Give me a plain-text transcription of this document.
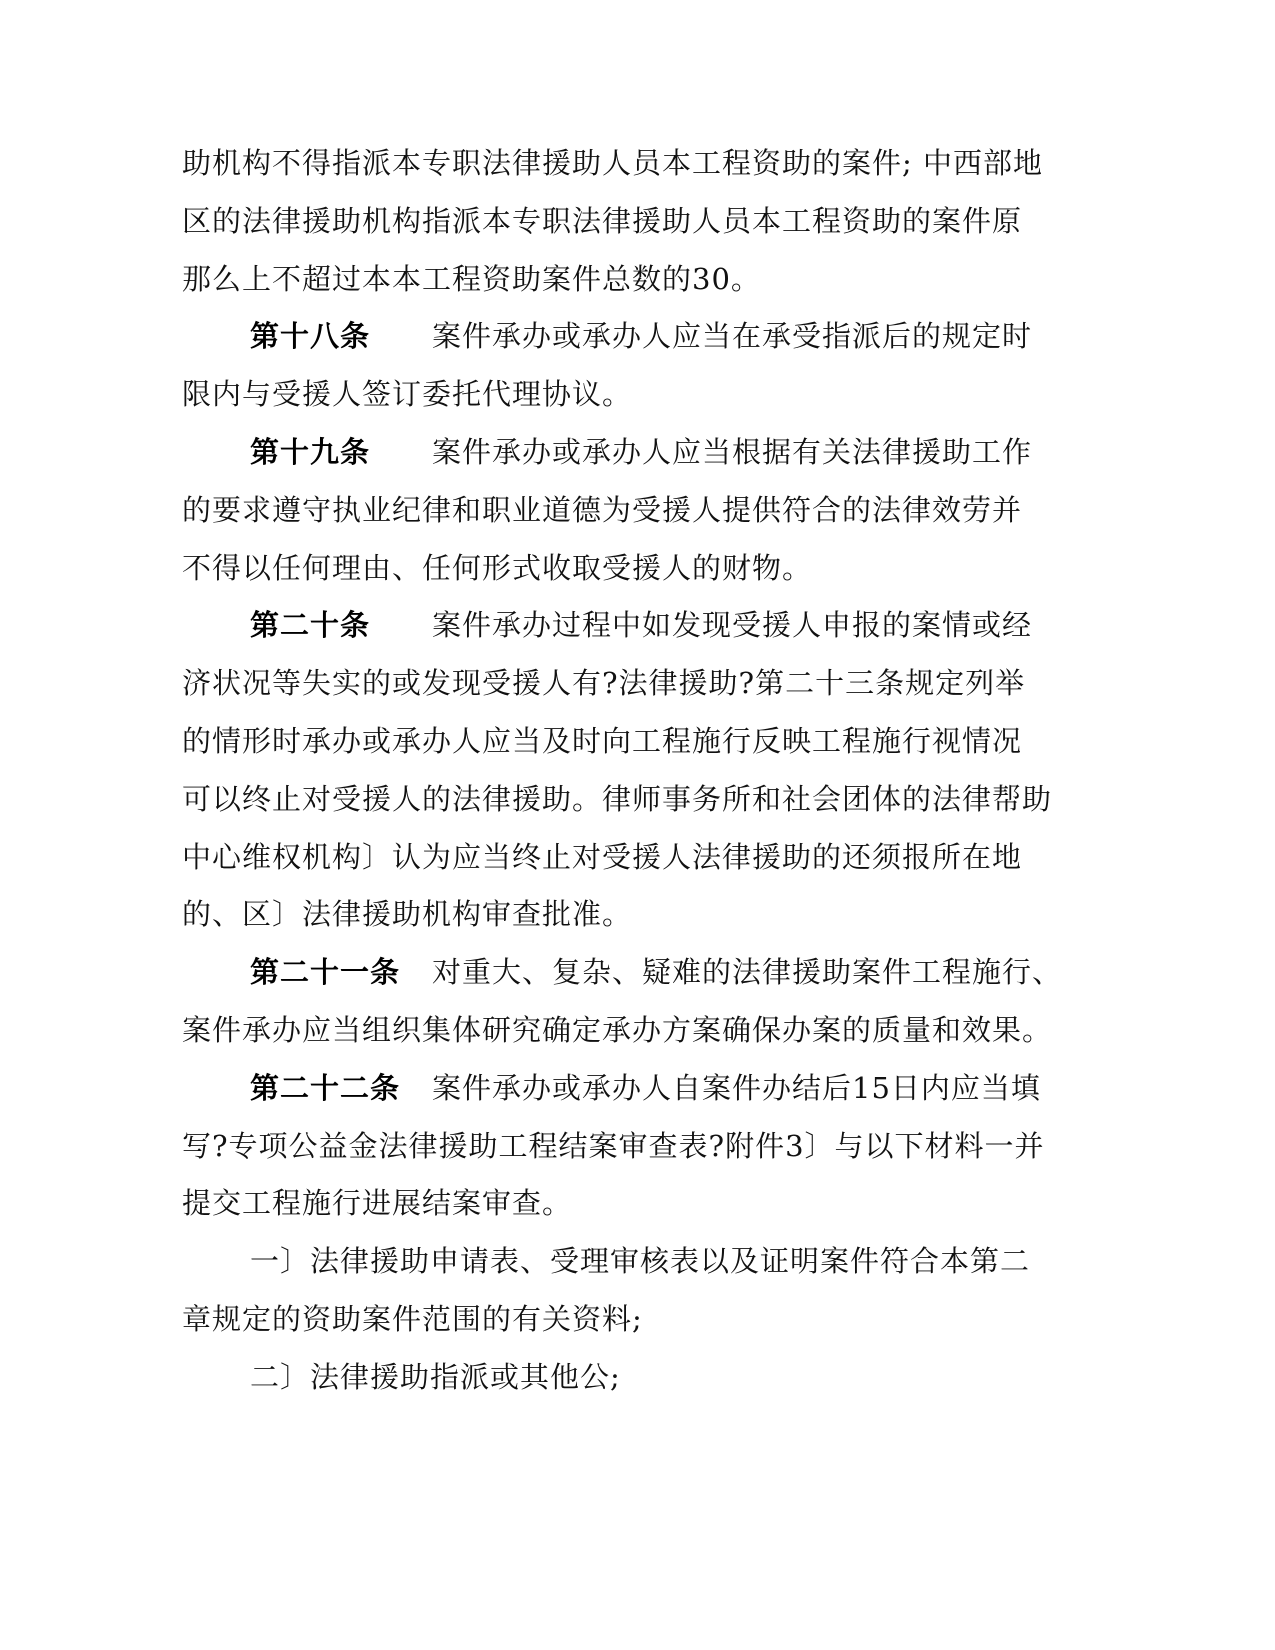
助机构不得指派本专职法律援助人员本工程资助的案件; 中西部地
区的法律援助机构指派本专职法律援助人员本工程资助的案件原
那么上不超过本本工程资助案件总数的30。
第十八条 案件承办或承办人应当在承受指派后的规定时
限内与受援人签订委托代理协议。
第十九条 案件承办或承办人应当根据有关法律援助工作
的要求遵守执业纪律和职业道德为受援人提供符合的法律效劳并
不得以任何理由、任何形式收取受援人的财物。
第二十条 案件承办过程中如发现受援人申报的案情或经
济状况等失实的或发现受援人有?法律援助?第二十三条规定列举
的情形时承办或承办人应当及时向工程施行反映工程施行视情况
可以终止对受援人的法律援助。律师事务所和社会团体的法律帮助
中心维权机构〕认为应当终止对受援人法律援助的还须报所在地
的、区〕法律援助机构审查批准。
第二十一条 对重大、复杂、疑难的法律援助案件工程施行、
案件承办应当组织集体研究确定承办方案确保办案的质量和效果。
第二十二条 案件承办或承办人自案件办结后15日内应当填
写?专项公益金法律援助工程结案审查表?附件3〕与以下材料一并
提交工程施行进展结案审查。
一〕法律援助申请表、受理审核表以及证明案件符合本第二
章规定的资助案件范围的有关资料;
二〕法律援助指派或其他公;
